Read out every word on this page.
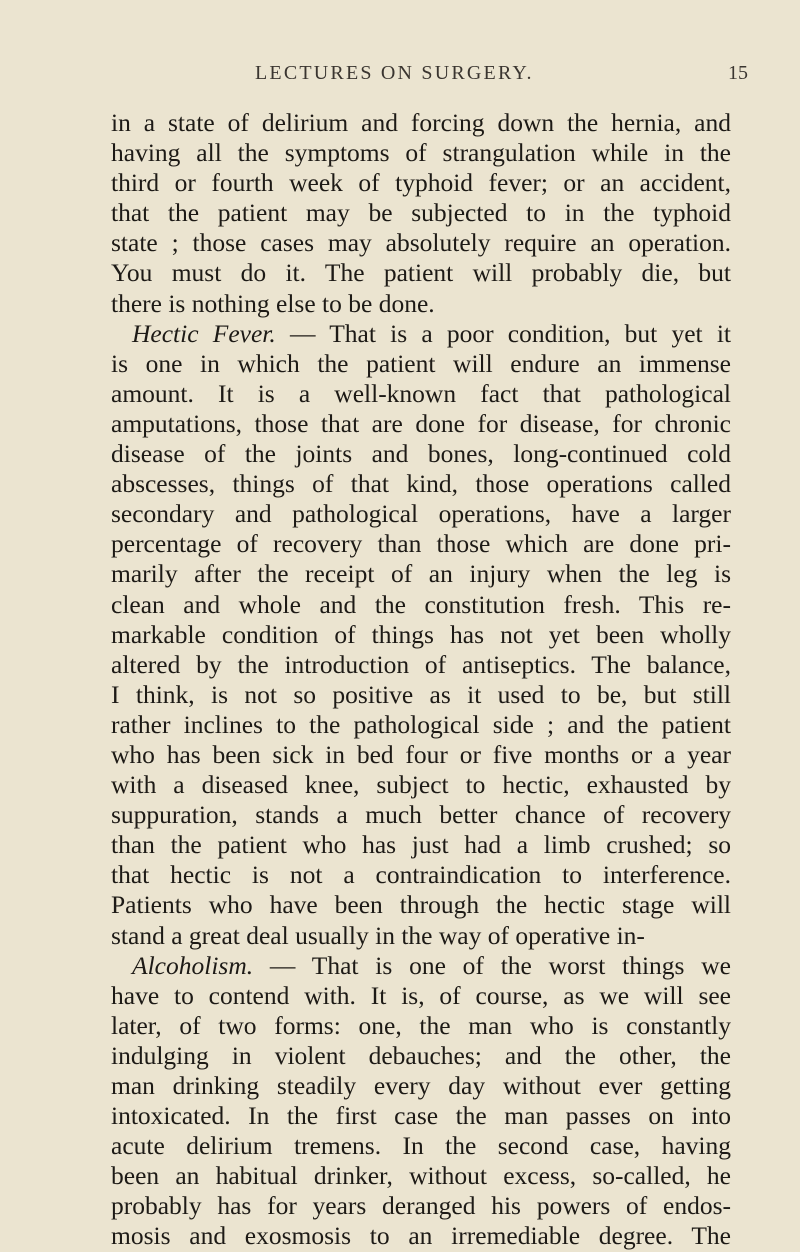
LECTURES ON SURGERY.	15
in a state of delirium and forcing down the hernia, and
having all the symptoms of strangulation while in the
third or fourth week of typhoid fever; or an accident,
that the patient may be subjected to in the typhoid
state ; those cases may absolutely require an operation.
You must do it. The patient will probably die, but
there is nothing else to be done.
Hectic Fever. — That is a poor condition, but yet it
is one in which the patient will endure an immense
amount. It is a well-known fact that pathological
amputations, those that are done for disease, for chronic
disease of the joints and bones, long-continued cold
abscesses, things of that kind, those operations called
secondary and pathological operations, have a larger
percentage of recovery than those which are done pri-
marily after the receipt of an injury when the leg is
clean and whole and the constitution fresh. This re-
markable condition of things has not yet been wholly
altered by the introduction of antiseptics. The balance,
I think, is not so positive as it used to be, but still
rather inclines to the pathological side ; and the patient
who has been sick in bed four or five months or a year
with a diseased knee, subject to hectic, exhausted by
suppuration, stands a much better chance of recovery
than the patient who has just had a limb crushed; so
that hectic is not a contraindication to interference.
Patients who have been through the hectic stage will
stand a great deal usually in the way of operative in-
Alcoholism. — That is one of the worst things we
have to contend with. It is, of course, as we will see
later, of two forms: one, the man who is constantly
indulging in violent debauches; and the other, the
man drinking steadily every day without ever getting
intoxicated. In the first case the man passes on into
acute delirium tremens. In the second case, having
been an habitual drinker, without excess, so-called, he
probably has for years deranged his powers of endos-
mosis and exosmosis to an irremediable degree. The
